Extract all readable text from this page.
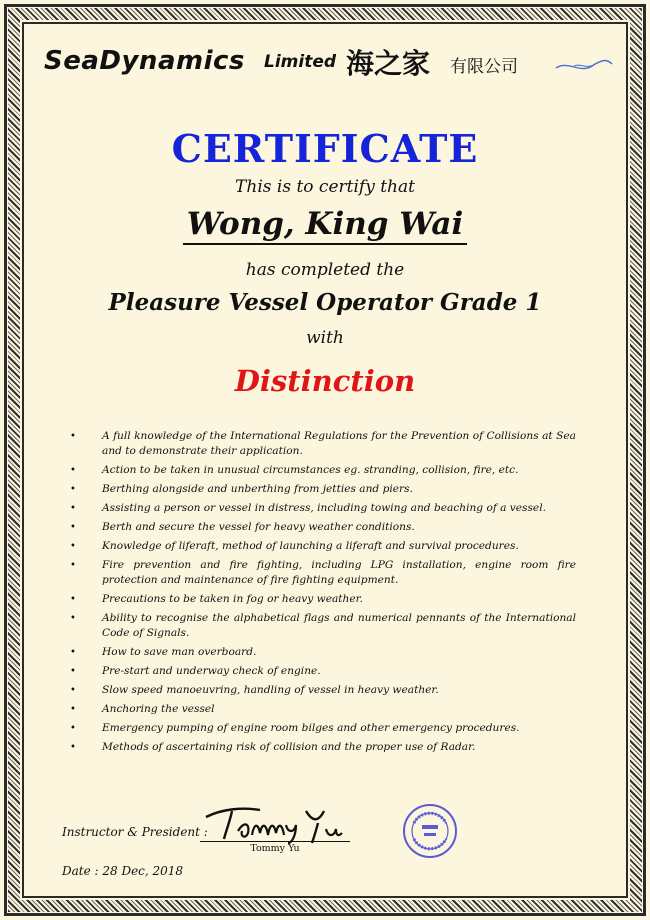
SeaDynamics Limited 海之家 有限公司
CERTIFICATE
This is to certify that
Wong, King Wai
has completed the
Pleasure Vessel Operator Grade 1
with
Distinction
• A full knowledge of the International Regulations for the Prevention of Collisions at Sea and to demonstrate their application.
• Action to be taken in unusual circumstances eg. stranding, collision, fire, etc.
• Berthing alongside and unberthing from jetties and piers.
• Assisting a person or vessel in distress, including towing and beaching of a vessel.
• Berth and secure the vessel for heavy weather conditions.
• Knowledge of liferaft, method of launching a liferaft and survival procedures.
• Fire prevention and fire fighting, including LPG installation, engine room fire protection and maintenance of fire fighting equipment.
• Precautions to be taken in fog or heavy weather.
• Ability to recognise the alphabetical flags and numerical pennants of the International Code of Signals.
• How to save man overboard.
• Pre-start and underway check of engine.
• Slow speed manoeuvring, handling of vessel in heavy weather.
• Anchoring the vessel
• Emergency pumping of engine room bilges and other emergency procedures.
• Methods of ascertaining risk of collision and the proper use of Radar.
Instructor & President :
Tommy Yu
Date : 28 Dec, 2018
